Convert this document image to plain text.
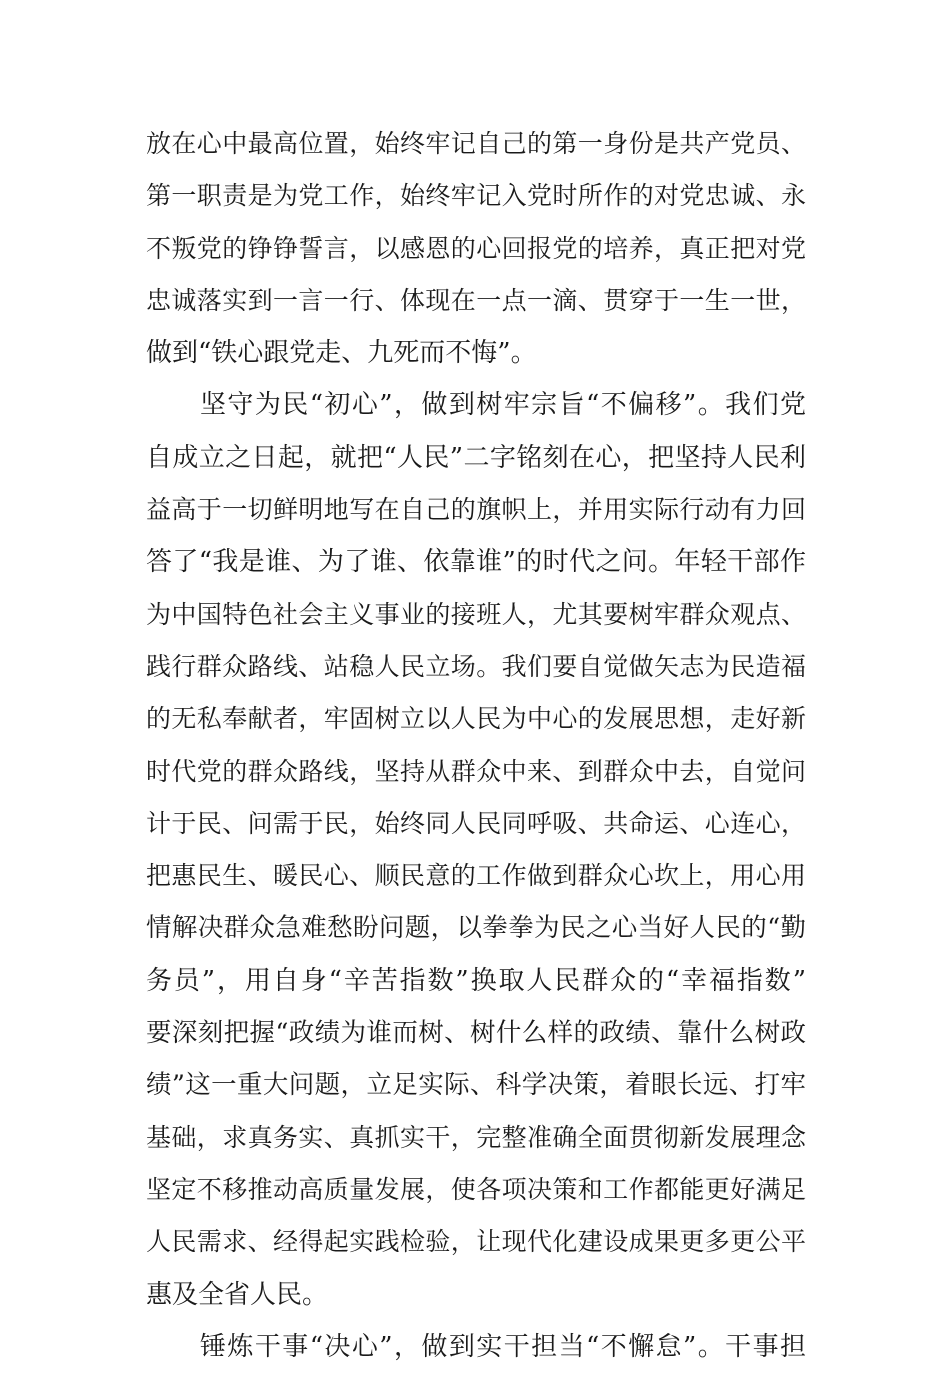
放在心中最高位置，始终牢记自己的第一身份是共产党员、
第一职责是为党工作，始终牢记入党时所作的对党忠诚、永
不叛党的铮铮誓言，以感恩的心回报党的培养，真正把对党
忠诚落实到一言一行、体现在一点一滴、贯穿于一生一世，
做到“铁心跟党走、九死而不悔”。
坚守为民“初心”，做到树牢宗旨“不偏移”。我们党
自成立之日起，就把“人民”二字铭刻在心，把坚持人民利
益高于一切鲜明地写在自己的旗帜上，并用实际行动有力回
答了“我是谁、为了谁、依靠谁”的时代之问。年轻干部作
为中国特色社会主义事业的接班人，尤其要树牢群众观点、
践行群众路线、站稳人民立场。我们要自觉做矢志为民造福
的无私奉献者，牢固树立以人民为中心的发展思想，走好新
时代党的群众路线，坚持从群众中来、到群众中去，自觉问
计于民、问需于民，始终同人民同呼吸、共命运、心连心，
把惠民生、暖民心、顺民意的工作做到群众心坎上，用心用
情解决群众急难愁盼问题，以拳拳为民之心当好人民的“勤
务员”，用自身“辛苦指数”换取人民群众的“幸福指数”
要深刻把握“政绩为谁而树、树什么样的政绩、靠什么树政
绩”这一重大问题，立足实际、科学决策，着眼长远、打牢
基础，求真务实、真抓实干，完整准确全面贯彻新发展理念
坚定不移推动高质量发展，使各项决策和工作都能更好满足
人民需求、经得起实践检验，让现代化建设成果更多更公平
惠及全省人民。
锤炼干事“决心”，做到实干担当“不懈怠”。干事担
